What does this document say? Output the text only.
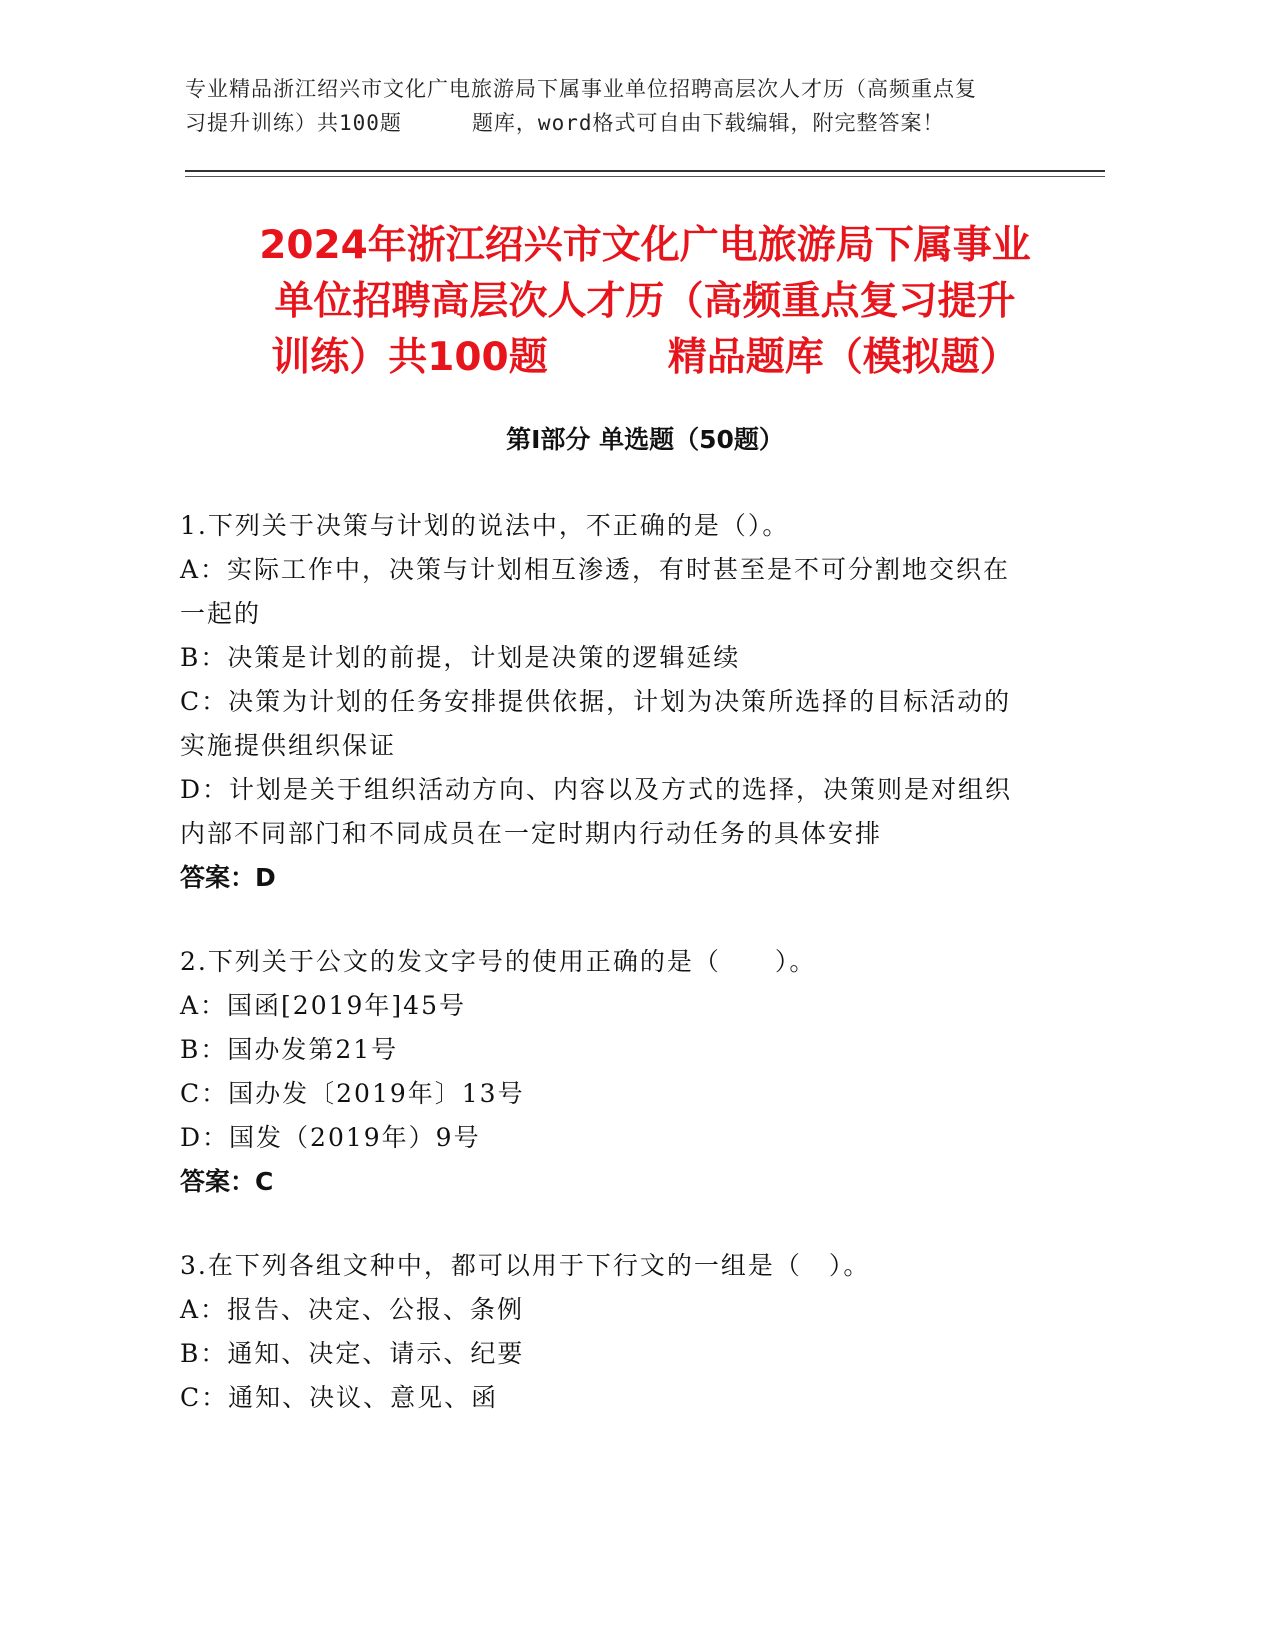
专业精品浙江绍兴市文化广电旅游局下属事业单位招聘高层次人才历（高频重点复
习提升训练）共100题	题库，word格式可自由下载编辑，附完整答案！
2024年浙江绍兴市文化广电旅游局下属事业
单位招聘高层次人才历（高频重点复习提升
训练）共100题	精品题库（模拟题）
第Ⅰ部分 单选题（50题）

1.下列关于决策与计划的说法中，不正确的是（）。

A：实际工作中，决策与计划相互渗透，有时甚至是不可分割地交织在

一起的

B：决策是计划的前提，计划是决策的逻辑延续

C：决策为计划的任务安排提供依据，计划为决策所选择的目标活动的

实施提供组织保证

D：计划是关于组织活动方向、内容以及方式的选择，决策则是对组织

内部不同部门和不同成员在一定时期内行动任务的具体安排

答案：D

2.下列关于公文的发文字号的使用正确的是（　　）。

A：国函[2019年]45号

B：国办发第21号

C：国办发〔2019年〕13号

D：国发（2019年）9号

答案：C

3.在下列各组文种中，都可以用于下行文的一组是（　）。

A：报告、决定、公报、条例

B：通知、决定、请示、纪要

C：通知、决议、意见、函
